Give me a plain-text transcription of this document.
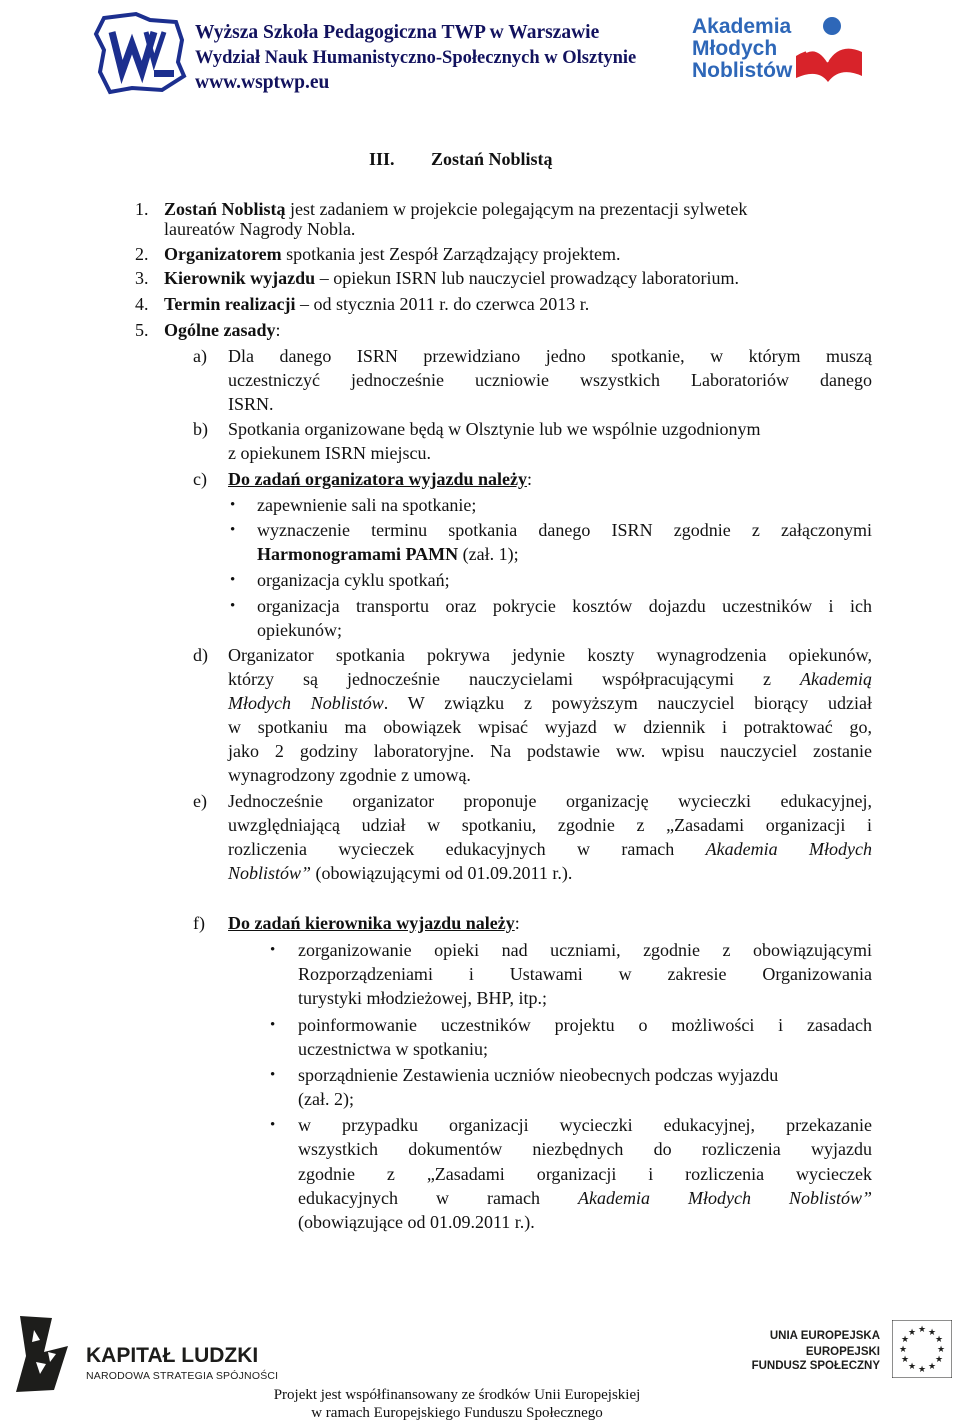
Wyższa Szkoła Pedagogiczna TWP w Warszawie
Wydział Nauk Humanistyczno-Społecznych w Olsztynie
www.wsptwp.eu
Akademia
Młodych
Noblistów
III. Zostań Noblistą
1. Zostań Noblistą jest zadaniem w projekcie polegającym na prezentacji sylwetek
laureatów Nagrody Nobla.
2. Organizatorem spotkania jest Zespół Zarządzający projektem.
3. Kierownik wyjazdu – opiekun ISRN lub nauczyciel prowadzący laboratorium.
4. Termin realizacji – od stycznia 2011 r. do czerwca 2013 r.
5. Ogólne zasady:
a) Dla danego ISRN przewidziano jedno spotkanie, w którym muszą
uczestniczyć jednocześnie uczniowie wszystkich Laboratoriów danego
ISRN.
b) Spotkania organizowane będą w Olsztynie lub we wspólnie uzgodnionym
z opiekunem ISRN miejscu.
c) Do zadań organizatora wyjazdu należy:
• zapewnienie sali na spotkanie;
• wyznaczenie terminu spotkania danego ISRN zgodnie z załączonymi
Harmonogramami PAMN (zał. 1);
• organizacja cyklu spotkań;
• organizacja transportu oraz pokrycie kosztów dojazdu uczestników i ich
opiekunów;
d) Organizator spotkania pokrywa jedynie koszty wynagrodzenia opiekunów,
którzy są jednocześnie nauczycielami współpracującymi z Akademią
Młodych Noblistów. W związku z powyższym nauczyciel biorący udział
w spotkaniu ma obowiązek wpisać wyjazd w dziennik i potraktować go,
jako 2 godziny laboratoryjne. Na podstawie ww. wpisu nauczyciel zostanie
wynagrodzony zgodnie z umową.
e) Jednocześnie organizator proponuje organizację wycieczki edukacyjnej,
uwzględniającą udział w spotkaniu, zgodnie z „Zasadami organizacji i
rozliczenia wycieczek edukacyjnych w ramach Akademia Młodych
Noblistów” (obowiązującymi od 01.09.2011 r.).
f) Do zadań kierownika wyjazdu należy:
• zorganizowanie opieki nad uczniami, zgodnie z obowiązującymi
Rozporządzeniami i Ustawami w zakresie Organizowania
turystyki młodzieżowej, BHP, itp.;
• poinformowanie uczestników projektu o możliwości i zasadach
uczestnictwa w spotkaniu;
• sporządnienie Zestawienia uczniów nieobecnych podczas wyjazdu
(zał. 2);
• w przypadku organizacji wycieczki edukacyjnej, przekazanie
wszystkich dokumentów niezbędnych do rozliczenia wyjazdu
zgodnie z „Zasadami organizacji i rozliczenia wycieczek
edukacyjnych w ramach Akademia Młodych Noblistów”
(obowiązujące od 01.09.2011 r.).
KAPITAŁ LUDZKI
NARODOWA STRATEGIA SPÓJNOŚCI
UNIA EUROPEJSKA
EUROPEJSKI
FUNDUSZ SPOŁECZNY
★ ★
★
★
★
★
★
★
★
★
★
★
Projekt jest współfinansowany ze środków Unii Europejskiej
w ramach Europejskiego Funduszu Społecznego
